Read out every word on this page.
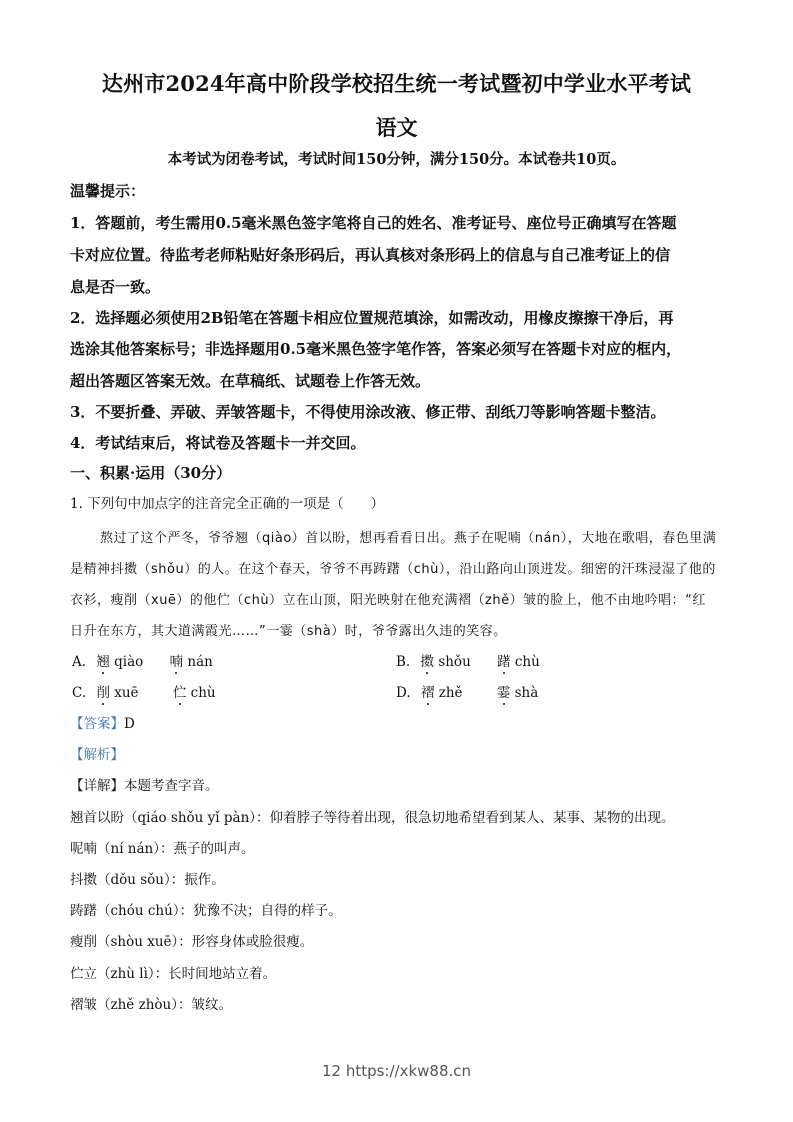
达州市2024年高中阶段学校招生统一考试暨初中学业水平考试
语文
本考试为闭卷考试，考试时间150分钟，满分150分。本试卷共10页。
温馨提示：
1．答题前，考生需用0.5毫米黑色签字笔将自己的姓名、准考证号、座位号正确填写在答题
卡对应位置。待监考老师粘贴好条形码后，再认真核对条形码上的信息与自己准考证上的信
息是否一致。
2．选择题必须使用2B铅笔在答题卡相应位置规范填涂，如需改动，用橡皮擦擦干净后，再
选涂其他答案标号；非选择题用0.5毫米黑色签字笔作答，答案必须写在答题卡对应的框内，
超出答题区答案无效。在草稿纸、试题卷上作答无效。
3．不要折叠、弄破、弄皱答题卡，不得使用涂改液、修正带、刮纸刀等影响答题卡整洁。
4．考试结束后，将试卷及答题卡一并交回。
一、积累·运用（30分）
1. 下列句中加点字的注音完全正确的一项是（　　）
熬过了这个严冬，爷爷翘（qiào）首以盼，想再看看日出。燕子在呢喃（nán），大地在歌唱，春色里满
是精神抖擞（shǒu）的人。在这个春天，爷爷不再踌躇（chù），沿山路向山顶进发。细密的汗珠浸湿了他的
衣衫，瘦削（xuē）的他伫（chù）立在山顶，阳光映射在他充满褶（zhě）皱的脸上，他不由地吟唱：“红
日升在东方，其大道满霞光……”一霎（shà）时，爷爷露出久违的笑容。
A. 翘 qiào 喃 nán	B. 擞 shǒu 躇 chù
C. 削 xuē	伫 chù	D. 褶 zhě	霎 shà
【答案】D
【解析】
【详解】本题考查字音。
翘首以盼（qiáo shǒu yǐ pàn）：仰着脖子等待着出现，很急切地希望看到某人、某事、某物的出现。
呢喃（ní nán）：燕子的叫声。
抖擞（dǒu sǒu）：振作。
踌躇（chóu chú）：犹豫不决；自得的样子。
瘦削（shòu xuē）：形容身体或脸很瘦。
伫立（zhù lì）：长时间地站立着。
褶皱（zhě zhòu）：皱纹。
12 https://xkw88.cn
